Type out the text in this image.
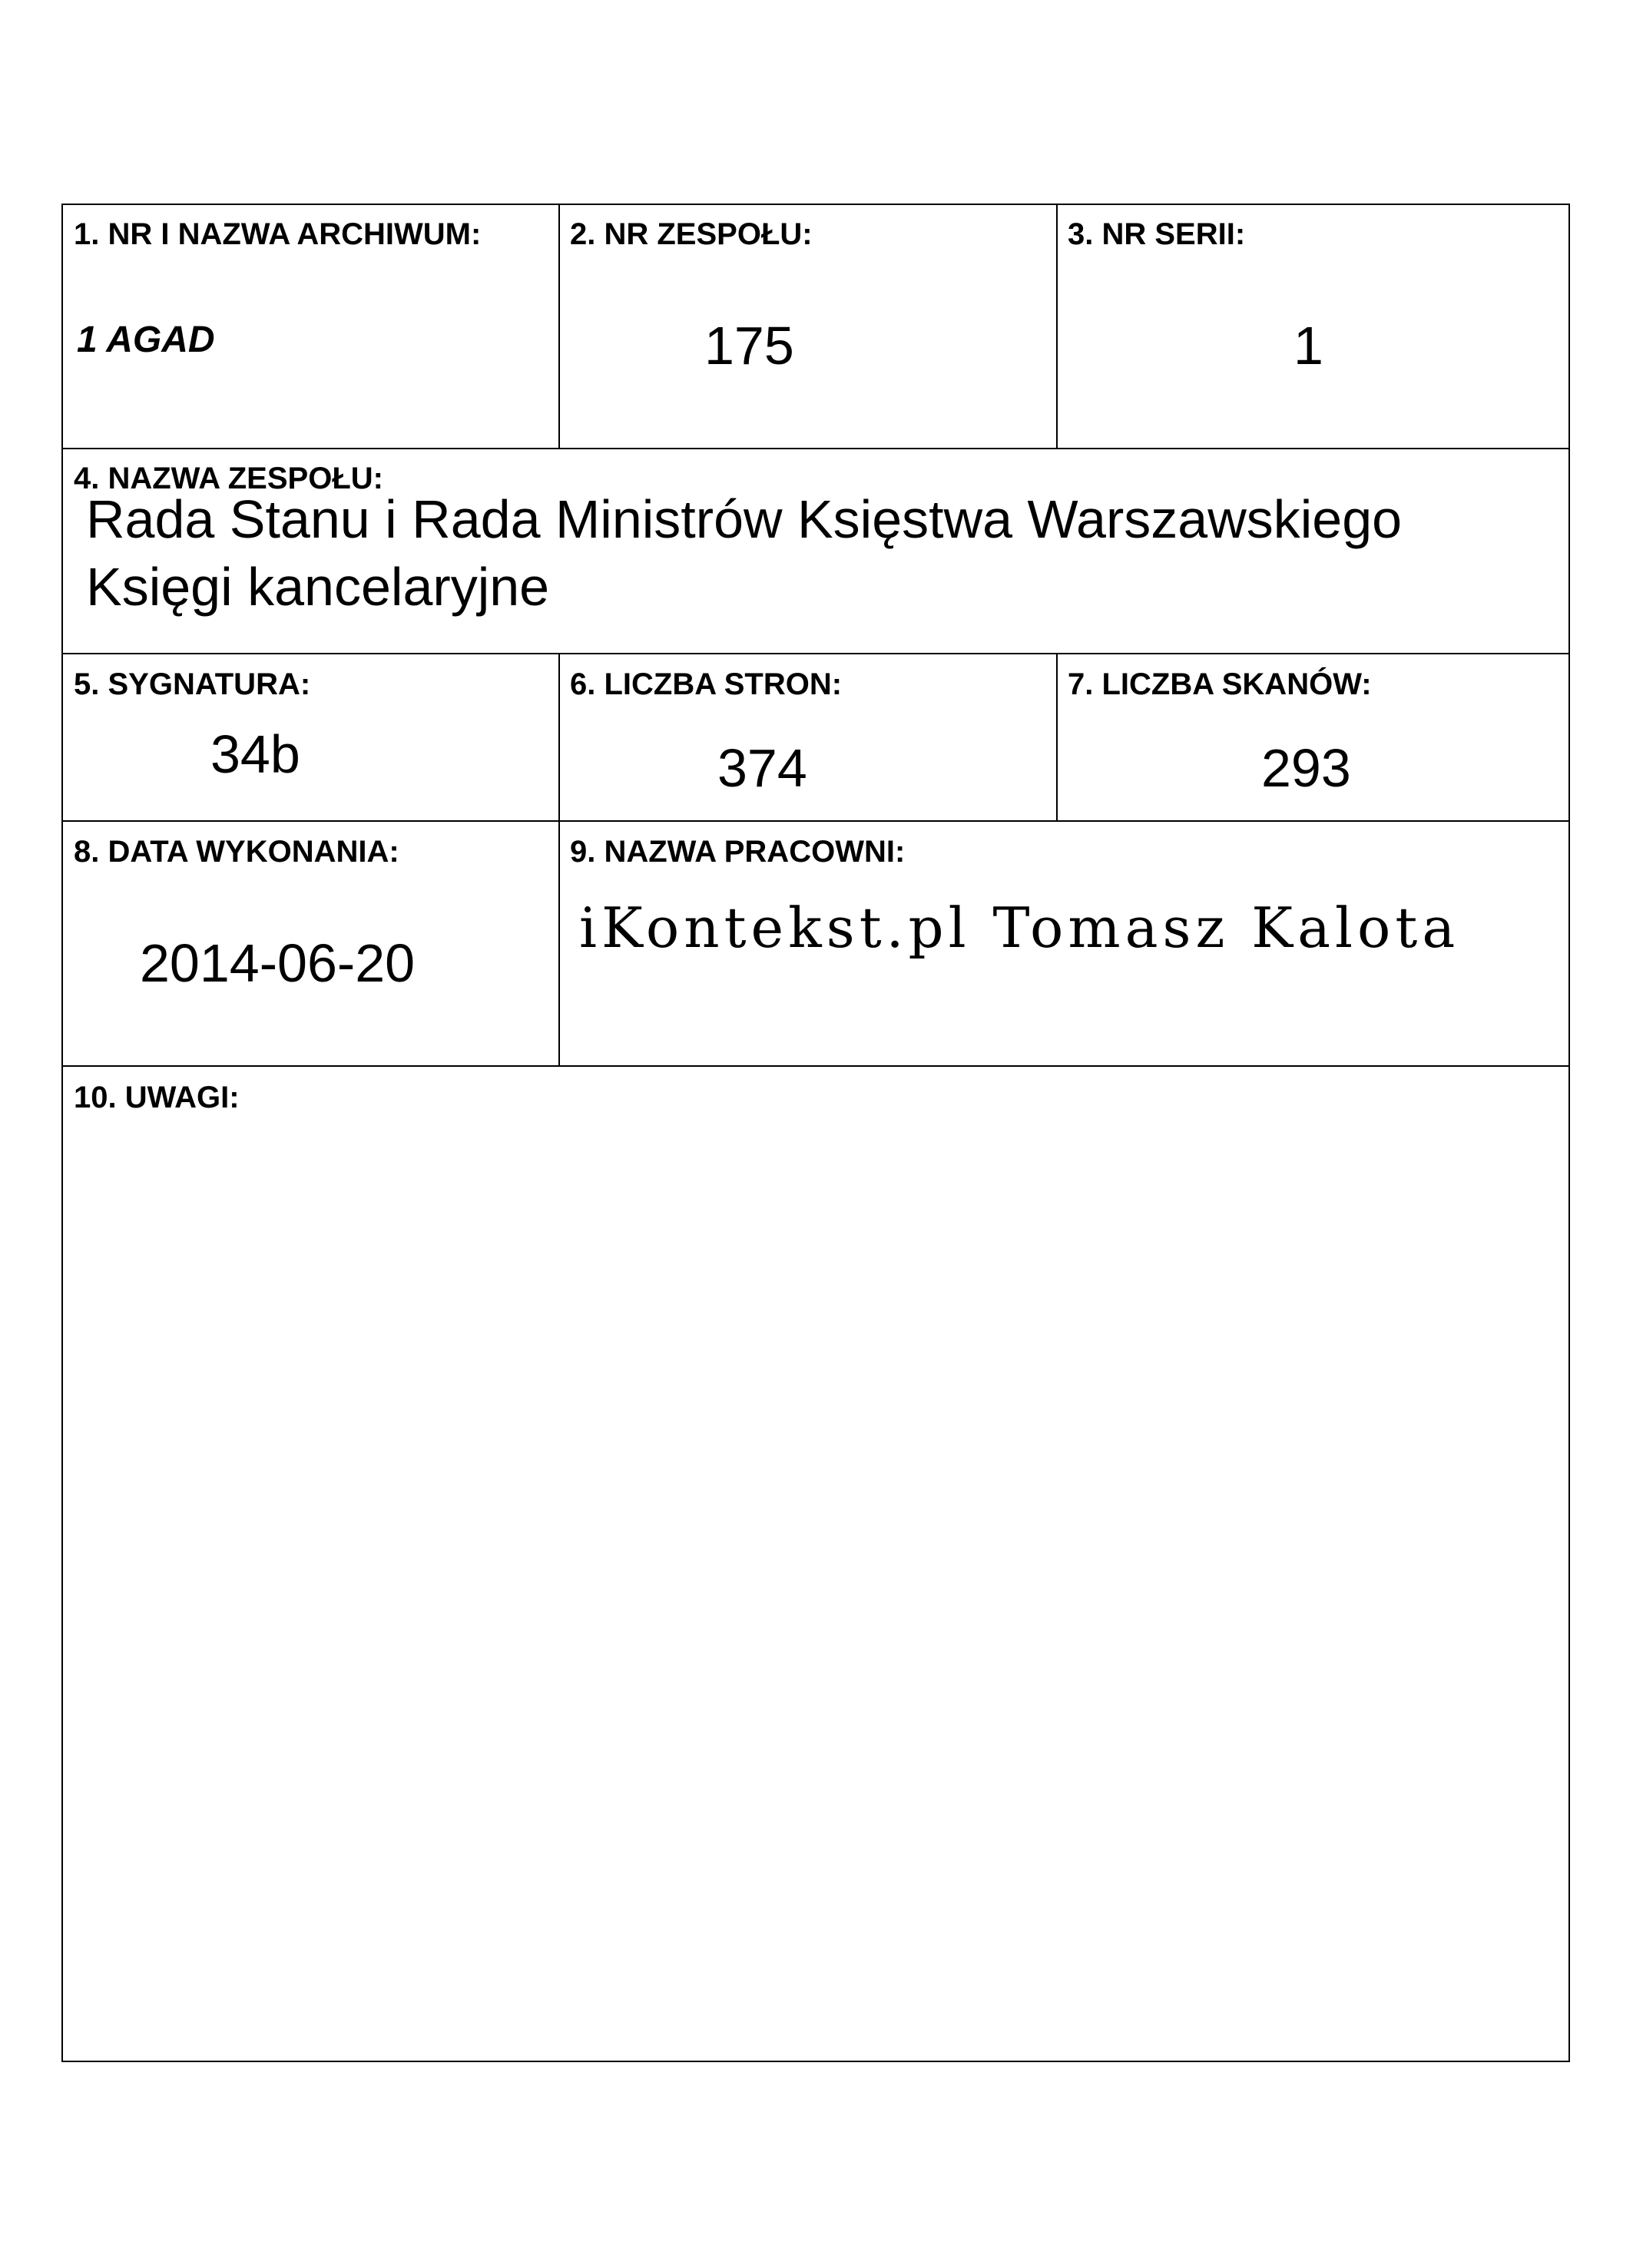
1. NR I NAZWA ARCHIWUM:
1 AGAD
2. NR ZESPOŁU:
175
3. NR SERII:
1
4. NAZWA ZESPOŁU:
Rada Stanu i Rada Ministrów Księstwa Warszawskiego
Księgi kancelaryjne
5. SYGNATURA:
34b
6. LICZBA STRON:
374
7. LICZBA SKANÓW:
293
8. DATA WYKONANIA:
2014-06-20
9. NAZWA PRACOWNI:
iKontekst.pl Tomasz Kalota
10. UWAGI:
